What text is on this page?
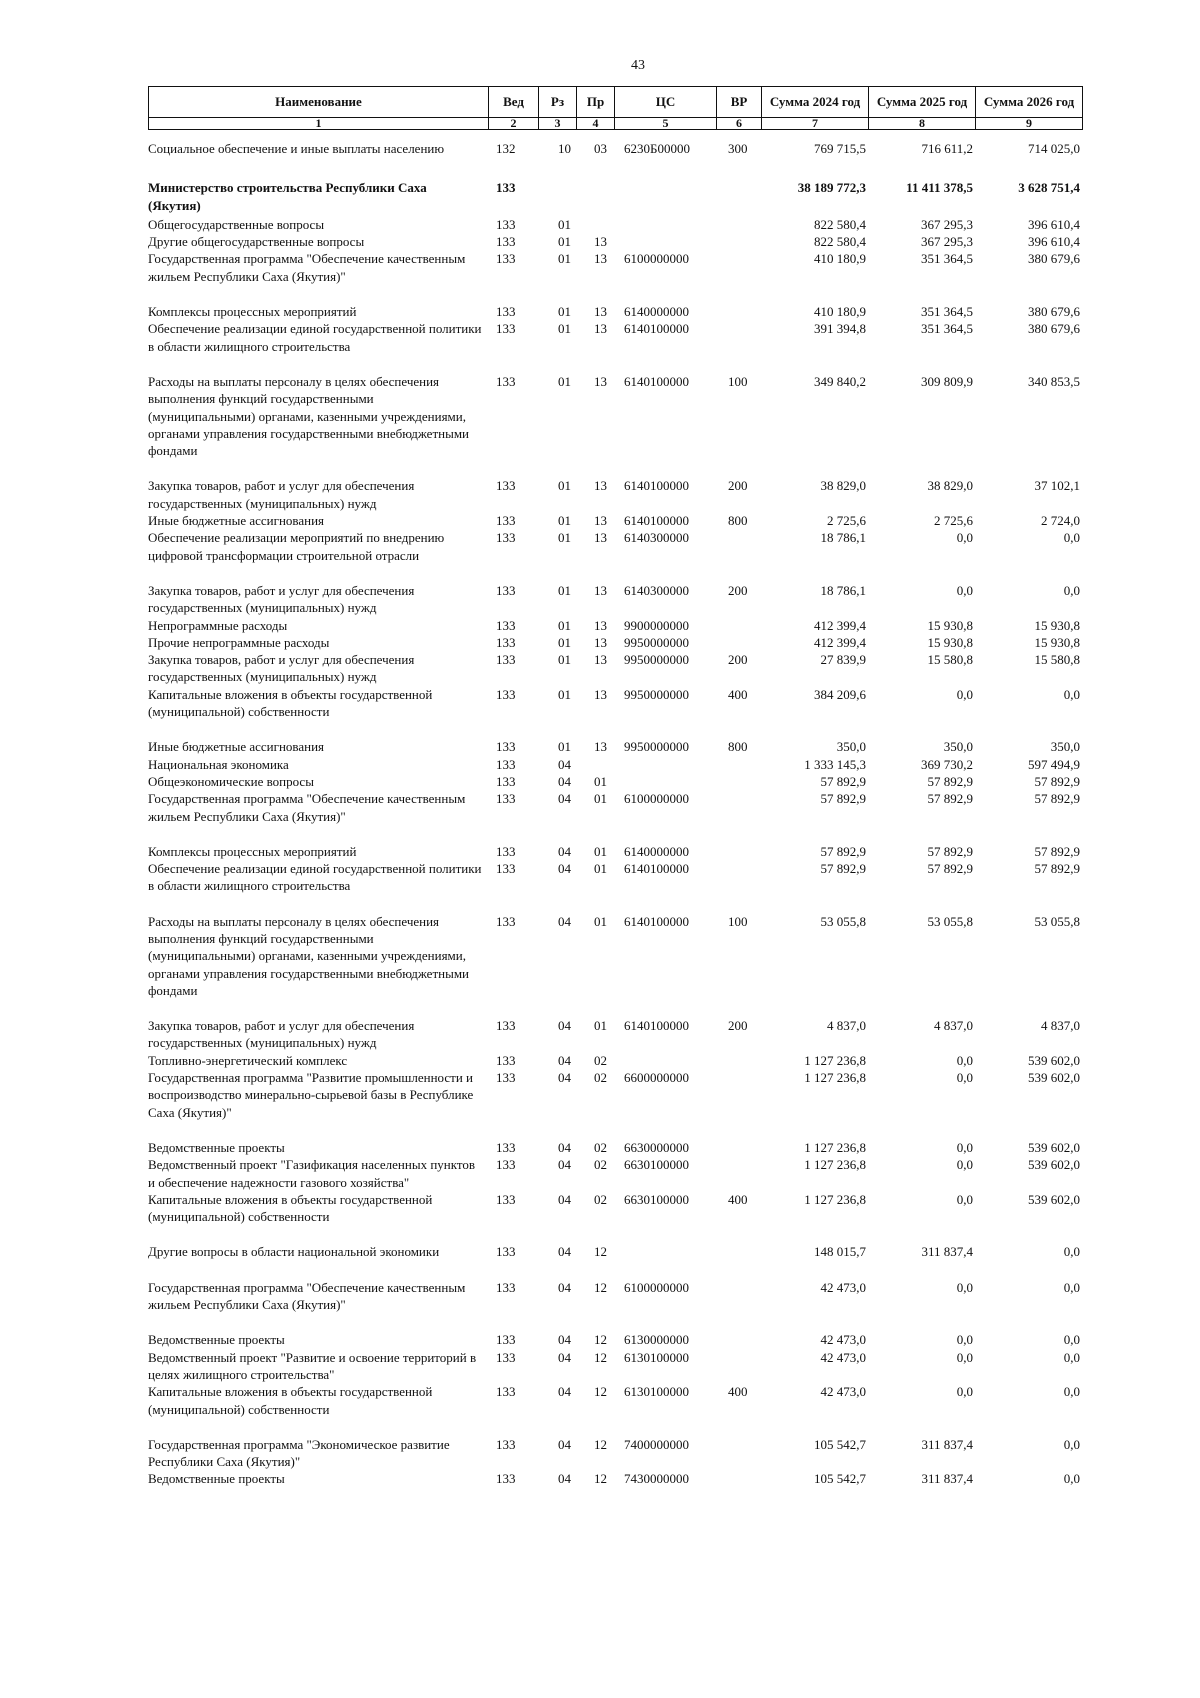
43
Наименование	Вед	Рз	Пр	ЦС	ВР	Сумма 2024 год	Сумма 2025 год	Сумма 2026 год
1	2	3	4	5	6	7	8	9
Социальное обеспечение и иные выплаты населению	132	10	03	6230Б00000	300	769 715,5	716 611,2	714 025,0
Министерство строительства Республики Саха (Якутия)	133					38 189 772,3	11 411 378,5	3 628 751,4
Общегосударственные вопросы	133	01				822 580,4	367 295,3	396 610,4
Другие общегосударственные вопросы	133	01	13			822 580,4	367 295,3	396 610,4
Государственная программа "Обеспечение качественным жильем Республики Саха (Якутия)"	133	01	13	6100000000		410 180,9	351 364,5	380 679,6
Комплексы процессных мероприятий	133	01	13	6140000000		410 180,9	351 364,5	380 679,6
Обеспечение реализации единой государственной политики в области жилищного строительства	133	01	13	6140100000		391 394,8	351 364,5	380 679,6
Расходы на выплаты персоналу в целях обеспечения выполнения функций государственными (муниципальными) органами, казенными учреждениями, органами управления государственными внебюджетными фондами	133	01	13	6140100000	100	349 840,2	309 809,9	340 853,5
Закупка товаров, работ и услуг для обеспечения государственных (муниципальных) нужд	133	01	13	6140100000	200	38 829,0	38 829,0	37 102,1
Иные бюджетные ассигнования	133	01	13	6140100000	800	2 725,6	2 725,6	2 724,0
Обеспечение реализации мероприятий по внедрению цифровой трансформации строительной отрасли	133	01	13	6140300000		18 786,1	0,0	0,0
Закупка товаров, работ и услуг для обеспечения государственных (муниципальных) нужд	133	01	13	6140300000	200	18 786,1	0,0	0,0
Непрограммные расходы	133	01	13	9900000000		412 399,4	15 930,8	15 930,8
Прочие непрограммные расходы	133	01	13	9950000000		412 399,4	15 930,8	15 930,8
Закупка товаров, работ и услуг для обеспечения государственных (муниципальных) нужд	133	01	13	9950000000	200	27 839,9	15 580,8	15 580,8
Капитальные вложения в объекты государственной (муниципальной) собственности	133	01	13	9950000000	400	384 209,6	0,0	0,0
Иные бюджетные ассигнования	133	01	13	9950000000	800	350,0	350,0	350,0
Национальная экономика	133	04				1 333 145,3	369 730,2	597 494,9
Общеэкономические вопросы	133	04	01			57 892,9	57 892,9	57 892,9
Государственная программа "Обеспечение качественным жильем Республики Саха (Якутия)"	133	04	01	6100000000		57 892,9	57 892,9	57 892,9
Комплексы процессных мероприятий	133	04	01	6140000000		57 892,9	57 892,9	57 892,9
Обеспечение реализации единой государственной политики в области жилищного строительства	133	04	01	6140100000		57 892,9	57 892,9	57 892,9
Расходы на выплаты персоналу в целях обеспечения выполнения функций государственными (муниципальными) органами, казенными учреждениями, органами управления государственными внебюджетными фондами	133	04	01	6140100000	100	53 055,8	53 055,8	53 055,8
Закупка товаров, работ и услуг для обеспечения государственных (муниципальных) нужд	133	04	01	6140100000	200	4 837,0	4 837,0	4 837,0
Топливно-энергетический комплекс	133	04	02			1 127 236,8	0,0	539 602,0
Государственная программа "Развитие промышленности и воспроизводство минерально-сырьевой базы в Республике Саха (Якутия)"	133	04	02	6600000000		1 127 236,8	0,0	539 602,0
Ведомственные проекты	133	04	02	6630000000		1 127 236,8	0,0	539 602,0
Ведомственный проект "Газификация населенных пунктов и обеспечение надежности газового хозяйства"	133	04	02	6630100000		1 127 236,8	0,0	539 602,0
Капитальные вложения в объекты государственной (муниципальной) собственности	133	04	02	6630100000	400	1 127 236,8	0,0	539 602,0
Другие вопросы в области национальной экономики	133	04	12			148 015,7	311 837,4	0,0
Государственная программа "Обеспечение качественным жильем Республики Саха (Якутия)"	133	04	12	6100000000		42 473,0	0,0	0,0
Ведомственные проекты	133	04	12	6130000000		42 473,0	0,0	0,0
Ведомственный проект "Развитие и освоение территорий в целях жилищного строительства"	133	04	12	6130100000		42 473,0	0,0	0,0
Капитальные вложения в объекты государственной (муниципальной) собственности	133	04	12	6130100000	400	42 473,0	0,0	0,0
Государственная программа "Экономическое развитие Республики Саха (Якутия)"	133	04	12	7400000000		105 542,7	311 837,4	0,0
Ведомственные проекты	133	04	12	7430000000		105 542,7	311 837,4	0,0
